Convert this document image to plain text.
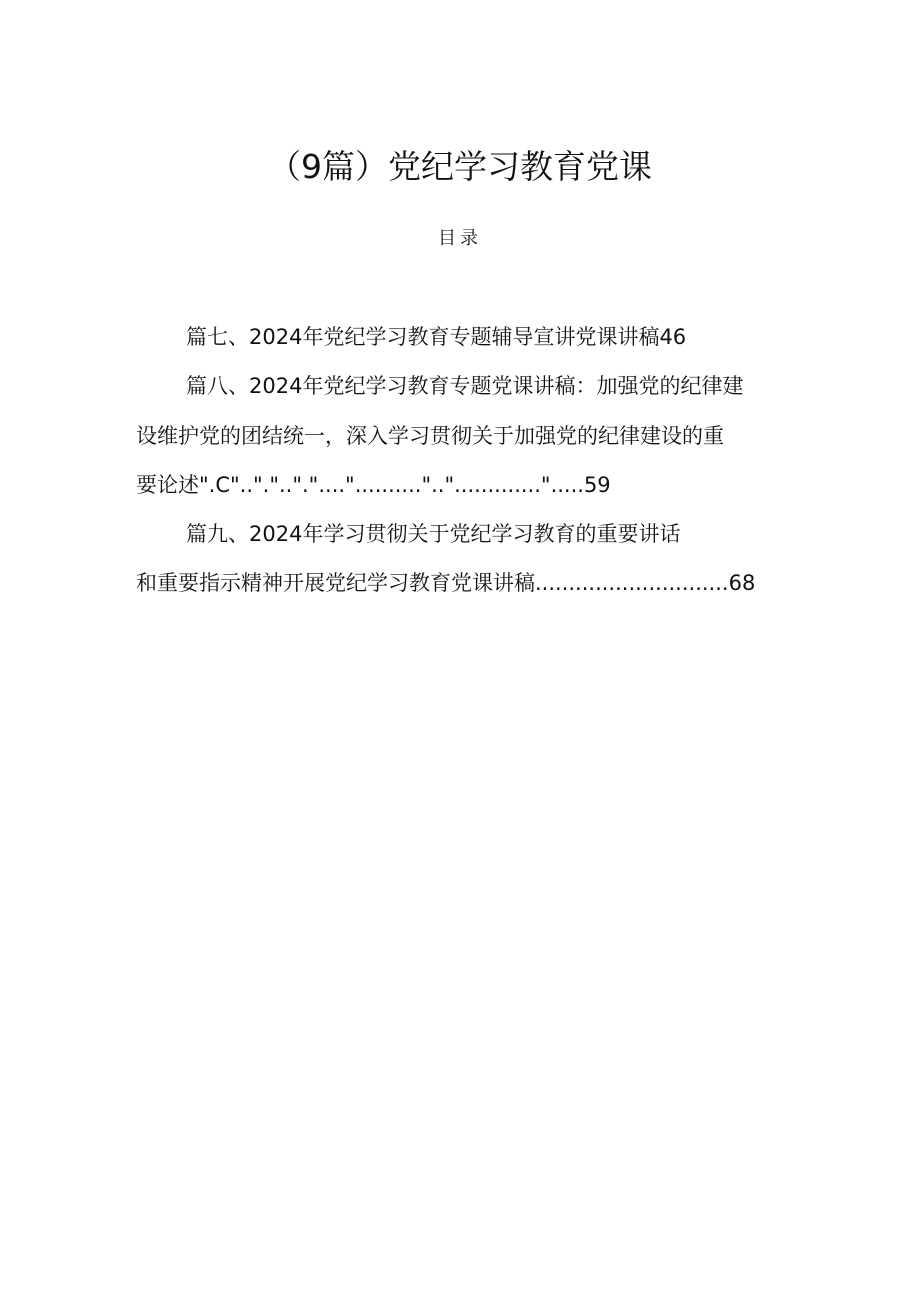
（9篇）党纪学习教育党课
目录
篇七、2024年党纪学习教育专题辅导宣讲党课讲稿46
篇八、2024年党纪学习教育专题党课讲稿：加强党的纪律建
设维护党的团结统一，深入学习贯彻关于加强党的纪律建设的重
要论述".C"..".".."."....".........."..".............".....59
篇九、2024年学习贯彻关于党纪学习教育的重要讲话
和重要指示精神开展党纪学习教育党课讲稿.............................68
